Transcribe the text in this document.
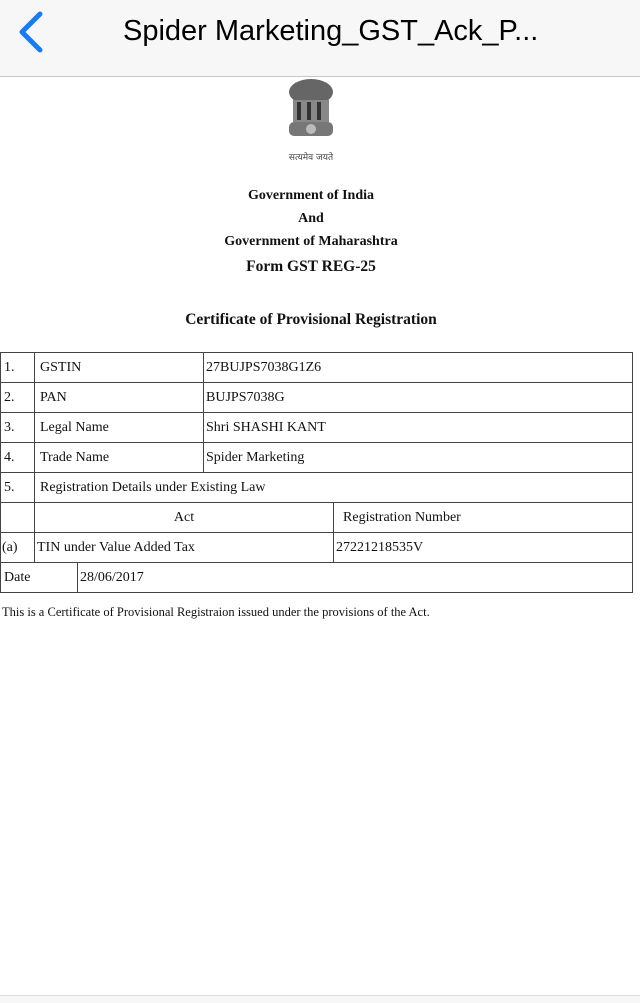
Spider Marketing_GST_Ack_P...
सत्यमेव जयते
Government of India
And
Government of Maharashtra
Form GST REG-25
Certificate of Provisional Registration
1.	GSTIN		27BUJPS7038G1Z6	
2.	PAN		BUJPS7038G	
3.	Legal Name		Shri SHASHI KANT	
4.	Trade Name		Spider Marketing	
5.	Registration Details under Existing Law			
	Act			Registration Number
(a)	TIN under Value Added Tax			27221218535V
Date		28/06/2017		
This is a Certificate of Provisional Registraion issued under the provisions of the Act.
